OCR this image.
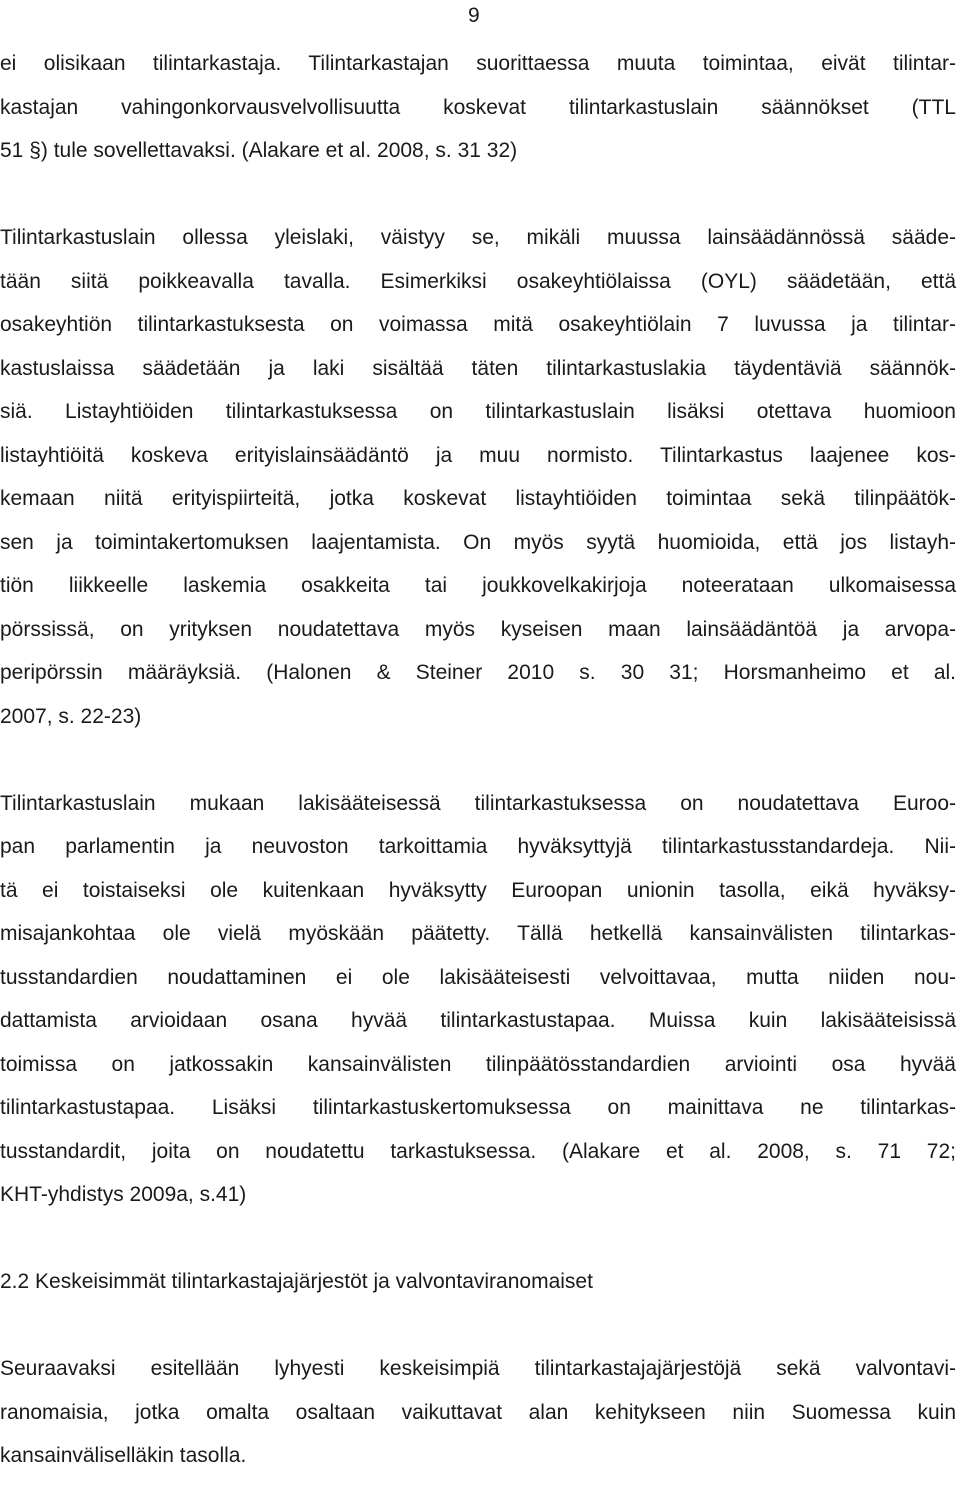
9
ei olisikaan tilintarkastaja. Tilintarkastajan suorittaessa muuta toimintaa, eivät tilintar-
kastajan vahingonkorvausvelvollisuutta koskevat tilintarkastuslain säännökset (TTL
51 §) tule sovellettavaksi. (Alakare et al. 2008, s. 31 32)
Tilintarkastuslain ollessa yleislaki, väistyy se, mikäli muussa lainsäädännössä sääde-
tään siitä poikkeavalla tavalla. Esimerkiksi osakeyhtiölaissa (OYL) säädetään, että
osakeyhtiön tilintarkastuksesta on voimassa mitä osakeyhtiölain 7 luvussa ja tilintar-
kastuslaissa säädetään ja laki sisältää täten tilintarkastuslakia täydentäviä säännök-
siä. Listayhtiöiden tilintarkastuksessa on tilintarkastuslain lisäksi otettava huomioon
listayhtiöitä koskeva erityislainsäädäntö ja muu normisto. Tilintarkastus laajenee kos-
kemaan niitä erityispiirteitä, jotka koskevat listayhtiöiden toimintaa sekä tilinpäätök-
sen ja toimintakertomuksen laajentamista. On myös syytä huomioida, että jos listayh-
tiön liikkeelle laskemia osakkeita tai joukkovelkakirjoja noteerataan ulkomaisessa
pörssissä, on yrityksen noudatettava myös kyseisen maan lainsäädäntöä ja arvopa-
peripörssin määräyksiä. (Halonen & Steiner 2010 s. 30 31; Horsmanheimo et al.
2007, s. 22-23)
Tilintarkastuslain mukaan lakisääteisessä tilintarkastuksessa on noudatettava Euroo-
pan parlamentin ja neuvoston tarkoittamia hyväksyttyjä tilintarkastusstandardeja. Nii-
tä ei toistaiseksi ole kuitenkaan hyväksytty Euroopan unionin tasolla, eikä hyväksy-
misajankohtaa ole vielä myöskään päätetty. Tällä hetkellä kansainvälisten tilintarkas-
tusstandardien noudattaminen ei ole lakisääteisesti velvoittavaa, mutta niiden nou-
dattamista arvioidaan osana hyvää tilintarkastustapaa. Muissa kuin lakisääteisissä
toimissa on jatkossakin kansainvälisten tilinpäätösstandardien arviointi osa hyvää
tilintarkastustapaa. Lisäksi tilintarkastuskertomuksessa on mainittava ne tilintarkas-
tusstandardit, joita on noudatettu tarkastuksessa. (Alakare et al. 2008, s. 71 72;
KHT-yhdistys 2009a, s.41)
2.2 Keskeisimmät tilintarkastajajärjestöt ja valvontaviranomaiset
Seuraavaksi esitellään lyhyesti keskeisimpiä tilintarkastajajärjestöjä sekä valvontavi-
ranomaisia, jotka omalta osaltaan vaikuttavat alan kehitykseen niin Suomessa kuin
kansainväliselläkin tasolla.
